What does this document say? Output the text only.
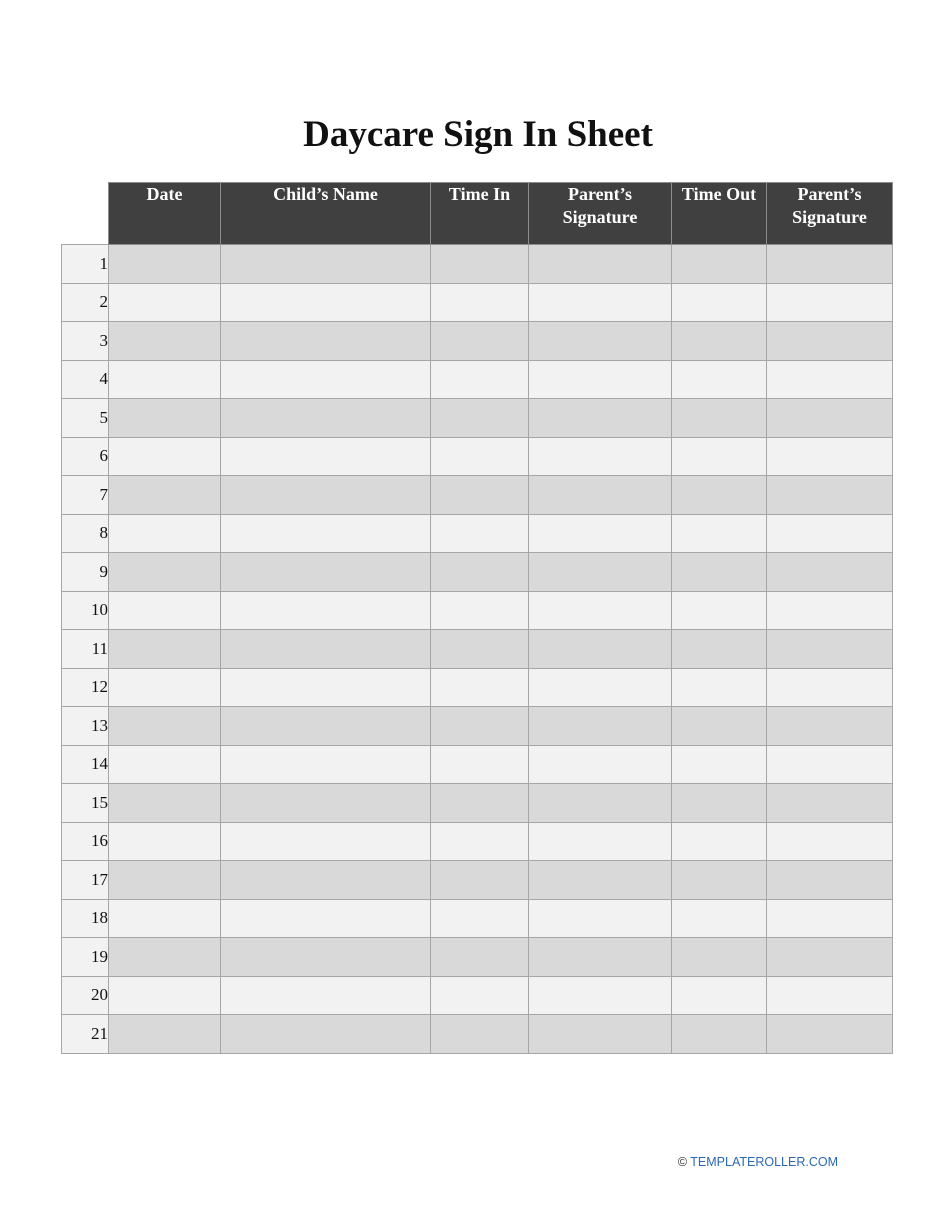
Daycare Sign In Sheet
	Date	Child’s Name	Time In	Parent’s Signature	Time Out	Parent’s Signature
1						
2						
3						
4						
5						
6						
7						
8						
9						
10						
11						
12						
13						
14						
15						
16						
17						
18						
19						
20						
21						
© TEMPLATEROLLER.COM
